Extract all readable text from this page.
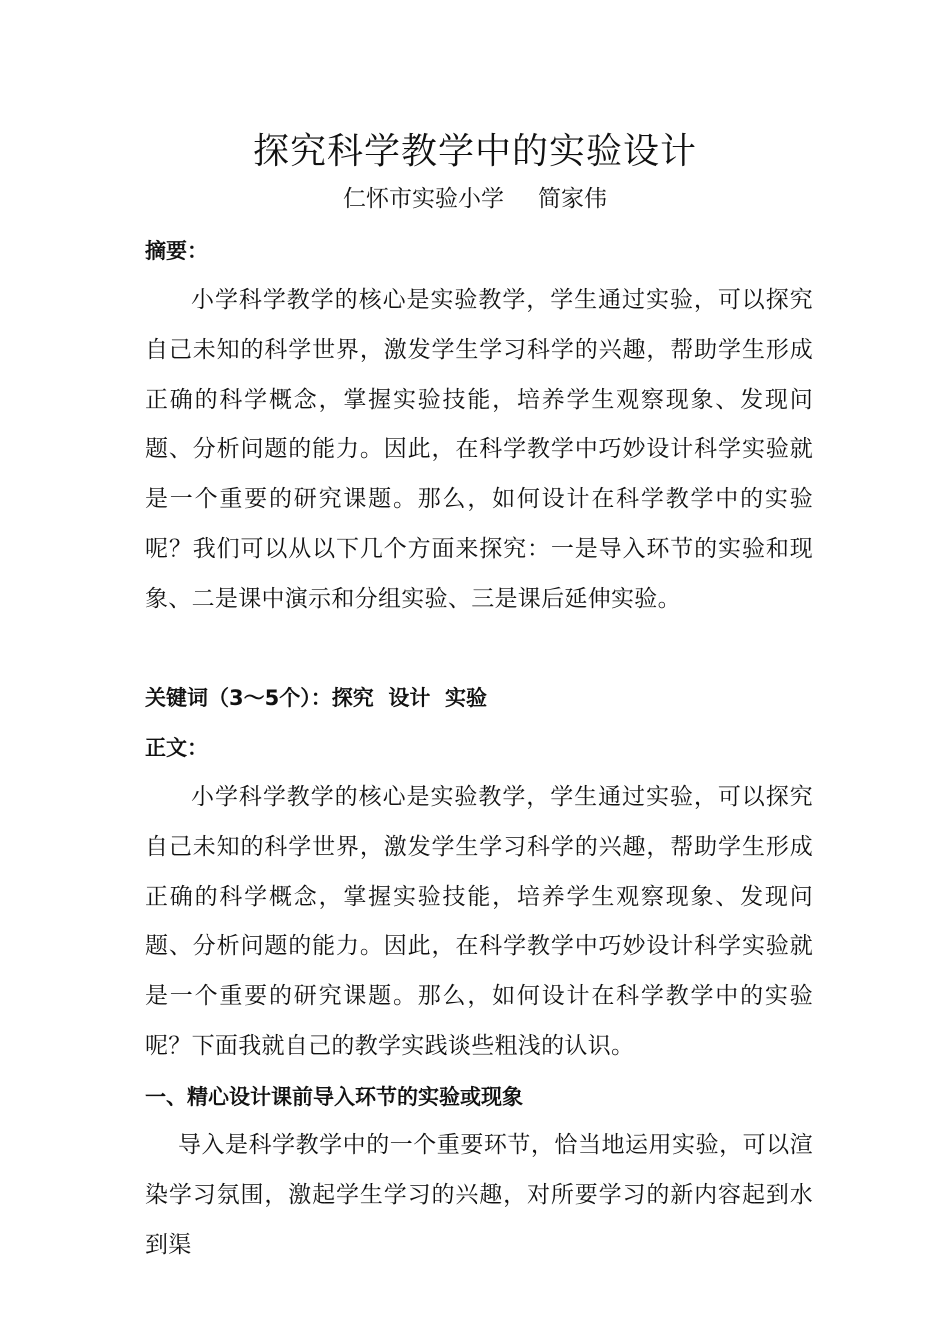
探究科学教学中的实验设计
仁怀市实验小学 简家伟
摘要：
小学科学教学的核心是实验教学，学生通过实验，可以探究自己未知的科学世界，激发学生学习科学的兴趣，帮助学生形成正确的科学概念，掌握实验技能，培养学生观察现象、发现问题、分析问题的能力。因此，在科学教学中巧妙设计科学实验就是一个重要的研究课题。那么，如何设计在科学教学中的实验呢？我们可以从以下几个方面来探究：一是导入环节的实验和现象、二是课中演示和分组实验、三是课后延伸实验。
关键词（3～5个）：探究  设计  实验
正文：
小学科学教学的核心是实验教学，学生通过实验，可以探究自己未知的科学世界，激发学生学习科学的兴趣，帮助学生形成正确的科学概念，掌握实验技能，培养学生观察现象、发现问题、分析问题的能力。因此，在科学教学中巧妙设计科学实验就是一个重要的研究课题。那么，如何设计在科学教学中的实验呢？下面我就自己的教学实践谈些粗浅的认识。
一、精心设计课前导入环节的实验或现象
导入是科学教学中的一个重要环节，恰当地运用实验，可以渲染学习氛围，激起学生学习的兴趣，对所要学习的新内容起到水到渠
